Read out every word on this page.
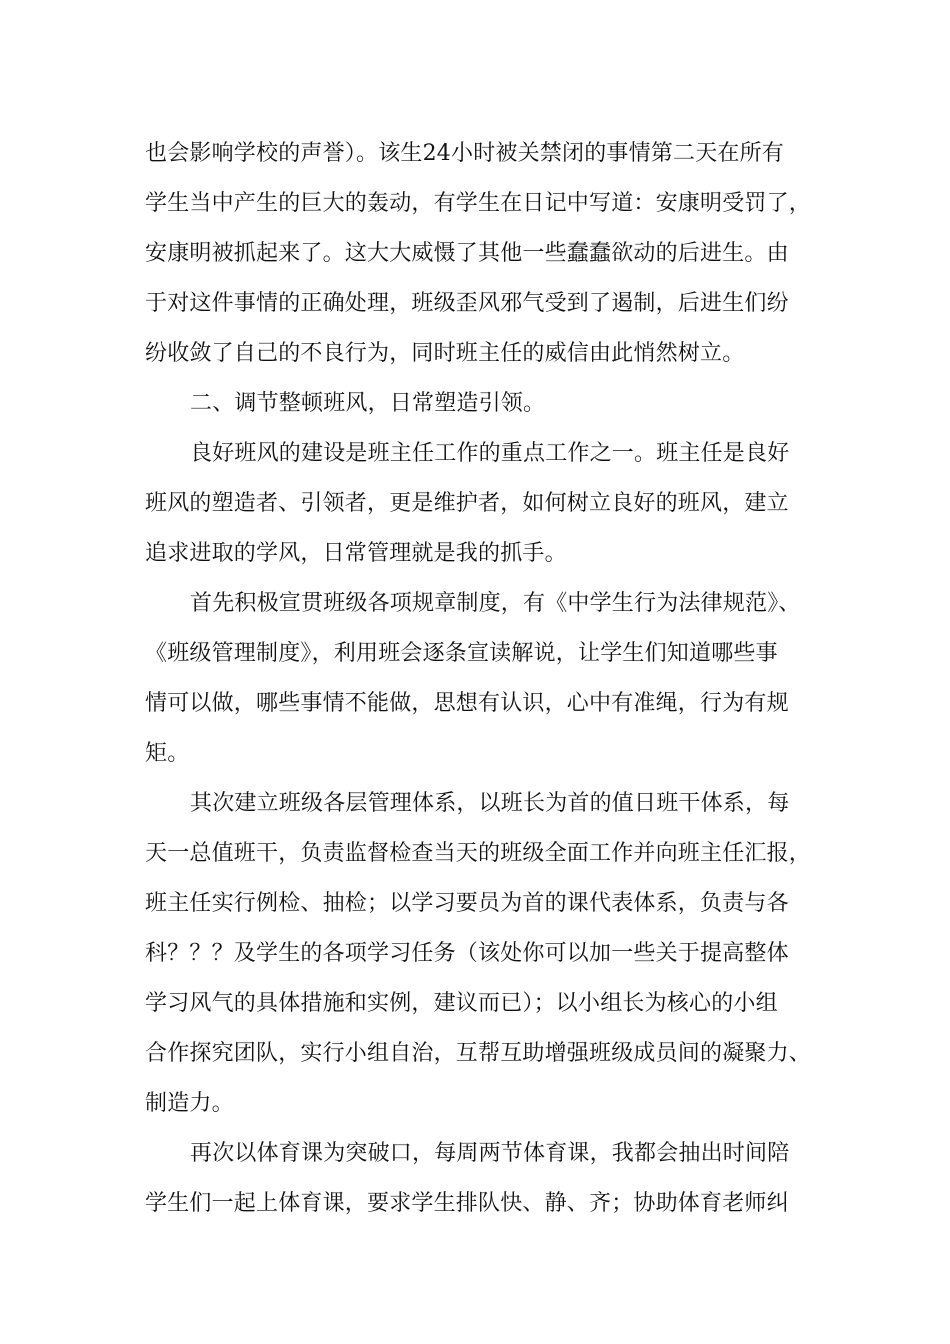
也会影响学校的声誉）。该生24小时被关禁闭的事情第二天在所有
学生当中产生的巨大的轰动，有学生在日记中写道：安康明受罚了，
安康明被抓起来了。这大大威慑了其他一些蠢蠢欲动的后进生。由
于对这件事情的正确处理，班级歪风邪气受到了遏制，后进生们纷
纷收敛了自己的不良行为，同时班主任的威信由此悄然树立。
二、调节整顿班风，日常塑造引领。
良好班风的建设是班主任工作的重点工作之一。班主任是良好
班风的塑造者、引领者，更是维护者，如何树立良好的班风，建立
追求进取的学风，日常管理就是我的抓手。
首先积极宣贯班级各项规章制度，有《中学生行为法律规范》、
《班级管理制度》，利用班会逐条宣读解说，让学生们知道哪些事
情可以做，哪些事情不能做，思想有认识，心中有准绳，行为有规
矩。
其次建立班级各层管理体系，以班长为首的值日班干体系，每
天一总值班干，负责监督检查当天的班级全面工作并向班主任汇报，
班主任实行例检、抽检；以学习要员为首的课代表体系，负责与各
科？？？及学生的各项学习任务（该处你可以加一些关于提高整体
学习风气的具体措施和实例，建议而已）；以小组长为核心的小组
合作探究团队，实行小组自治，互帮互助增强班级成员间的凝聚力、
制造力。
再次以体育课为突破口，每周两节体育课，我都会抽出时间陪
学生们一起上体育课，要求学生排队快、静、齐；协助体育老师纠
